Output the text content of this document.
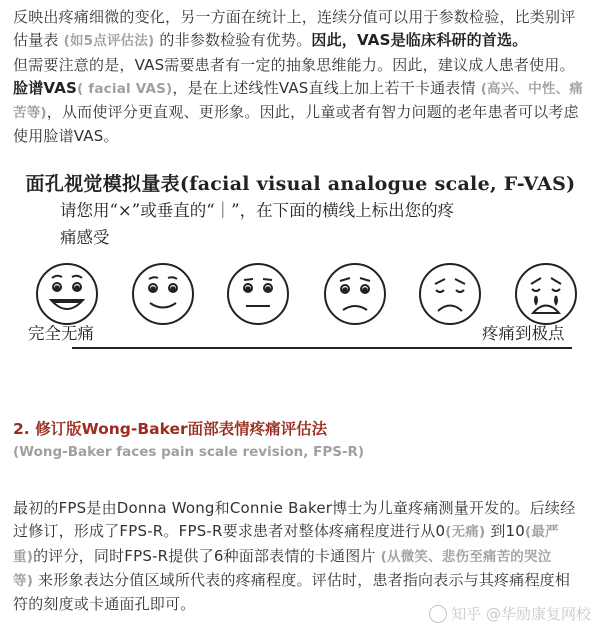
反映出疼痛细微的变化，另一方面在统计上，连续分值可以用于参数检验，比类别评
估量表 (如5点评估法) 的非参数检验有优势。因此，VAS是临床科研的首选。
但需要注意的是，VAS需要患者有一定的抽象思维能力。因此，建议成人患者使用。
脸谱VAS( facial VAS)，是在上述线性VAS直线上加上若干卡通表情 (高兴、中性、痛
苦等)，从而使评分更直观、更形象。因此，儿童或者有智力问题的老年患者可以考虑
使用脸谱VAS。
面孔视觉模拟量表(facial visual analogue scale, F-VAS)
请您用“×”或垂直的“｜”，在下面的横线上标出您的疼
痛感受
完全无痛	疼痛到极点
2. 修订版Wong-Baker面部表情疼痛评估法
(Wong-Baker faces pain scale revision, FPS-R)
最初的FPS是由Donna Wong和Connie Baker博士为儿童疼痛测量开发的。后续经
过修订，形成了FPS-R。FPS-R要求患者对整体疼痛程度进行从0(无痛) 到10(最严
重)的评分，同时FPS-R提供了6种面部表情的卡通图片 (从微笑、悲伤至痛苦的哭泣
等) 来形象表达分值区域所代表的疼痛程度。评估时，患者指向表示与其疼痛程度相
符的刻度或卡通面孔即可。
知乎 @华励康复网校
